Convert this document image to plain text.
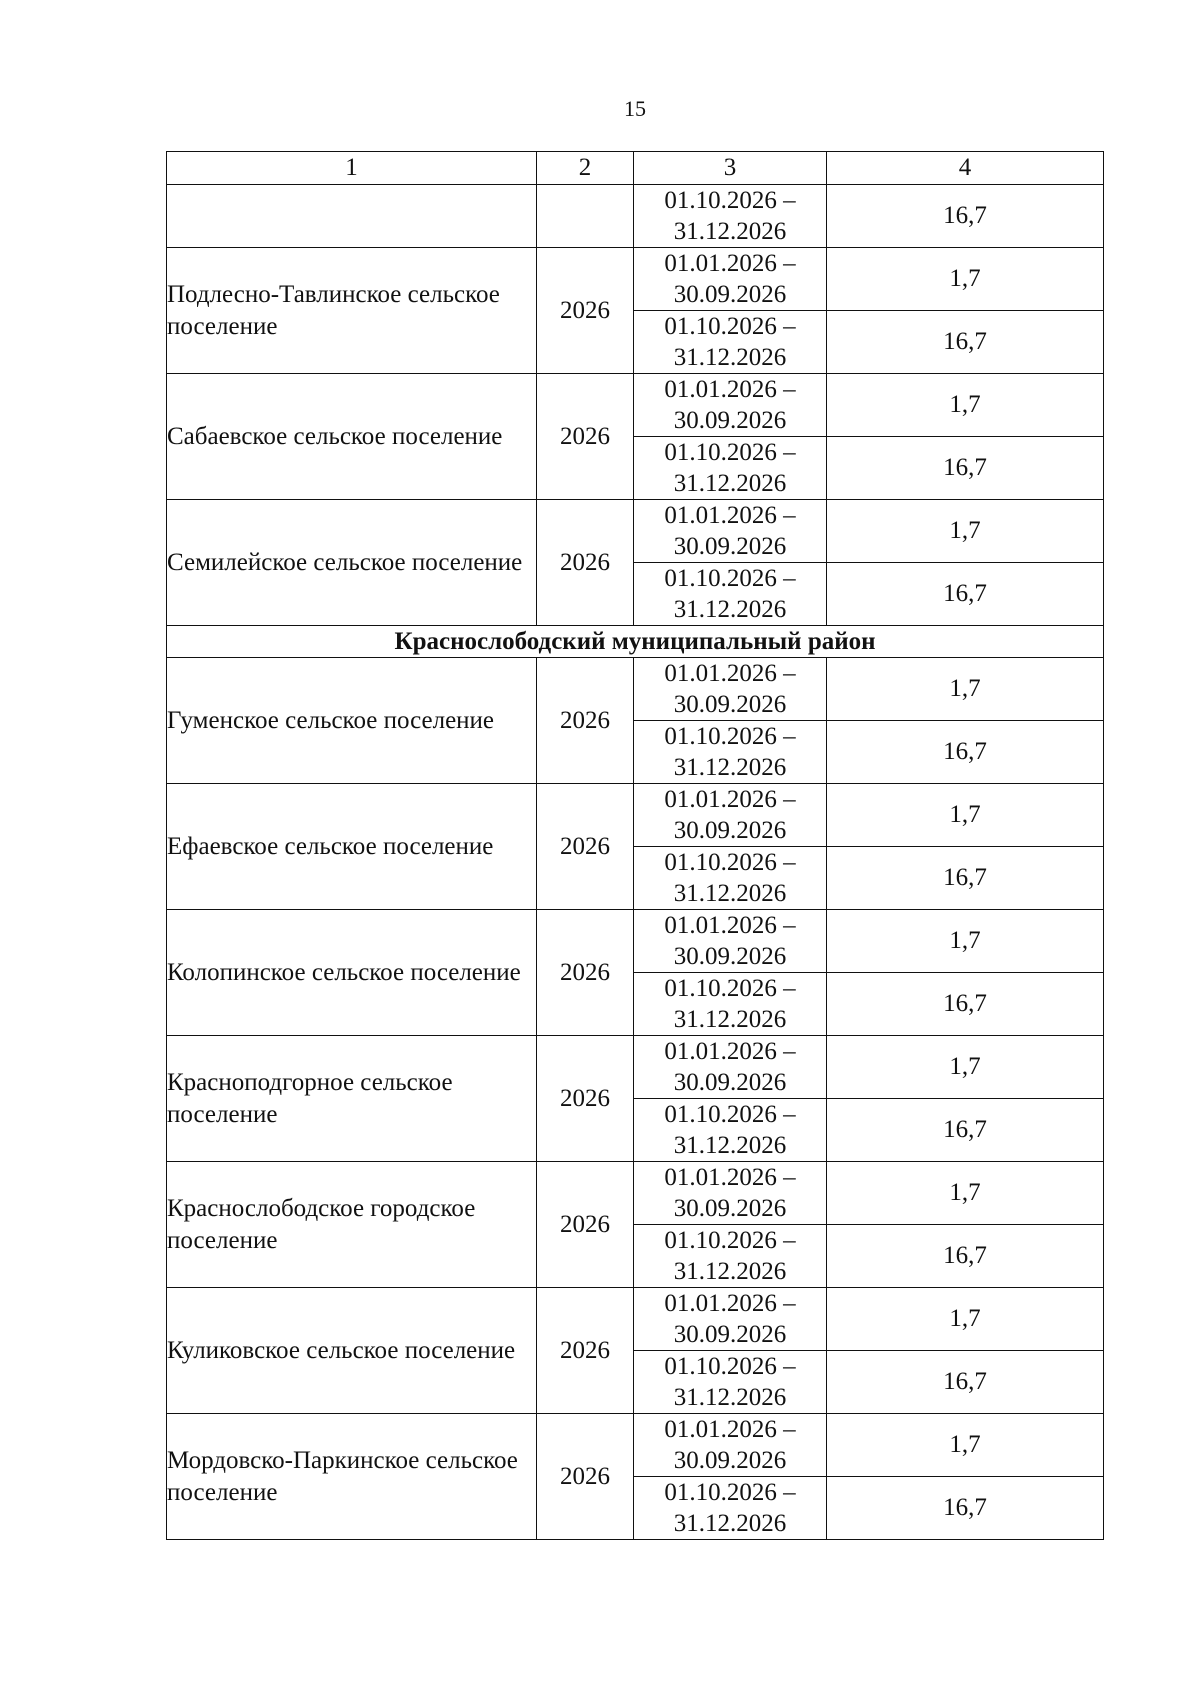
15
1	2	3	4

		01.10.2026 –
31.12.2026	16,7
Подлесно-Тавлинское сельское поселение	2026	01.01.2026 –
30.09.2026	1,7

		01.10.2026 –
31.12.2026	16,7
Сабаевское сельское поселение	2026	01.01.2026 –
30.09.2026	1,7

		01.10.2026 –
31.12.2026	16,7
Семилейское сельское поселение	2026	01.01.2026 –
30.09.2026	1,7

		01.10.2026 –
31.12.2026	16,7
Краснослободский муниципальный район			
Гуменское сельское поселение	2026	01.01.2026 –
30.09.2026	1,7

		01.10.2026 –
31.12.2026	16,7
Ефаевское сельское поселение	2026	01.01.2026 –
30.09.2026	1,7

		01.10.2026 –
31.12.2026	16,7
Колопинское сельское поселение	2026	01.01.2026 –
30.09.2026	1,7

		01.10.2026 –
31.12.2026	16,7
Красноподгорное сельское поселение	2026	01.01.2026 –
30.09.2026	1,7

		01.10.2026 –
31.12.2026	16,7
Краснослободское городское поселение	2026	01.01.2026 –
30.09.2026	1,7

		01.10.2026 –
31.12.2026	16,7
Куликовское сельское поселение	2026	01.01.2026 –
30.09.2026	1,7

		01.10.2026 –
31.12.2026	16,7
Мордовско-Паркинское сельское поселение	2026	01.01.2026 –
30.09.2026	1,7

		01.10.2026 –
31.12.2026	16,7
